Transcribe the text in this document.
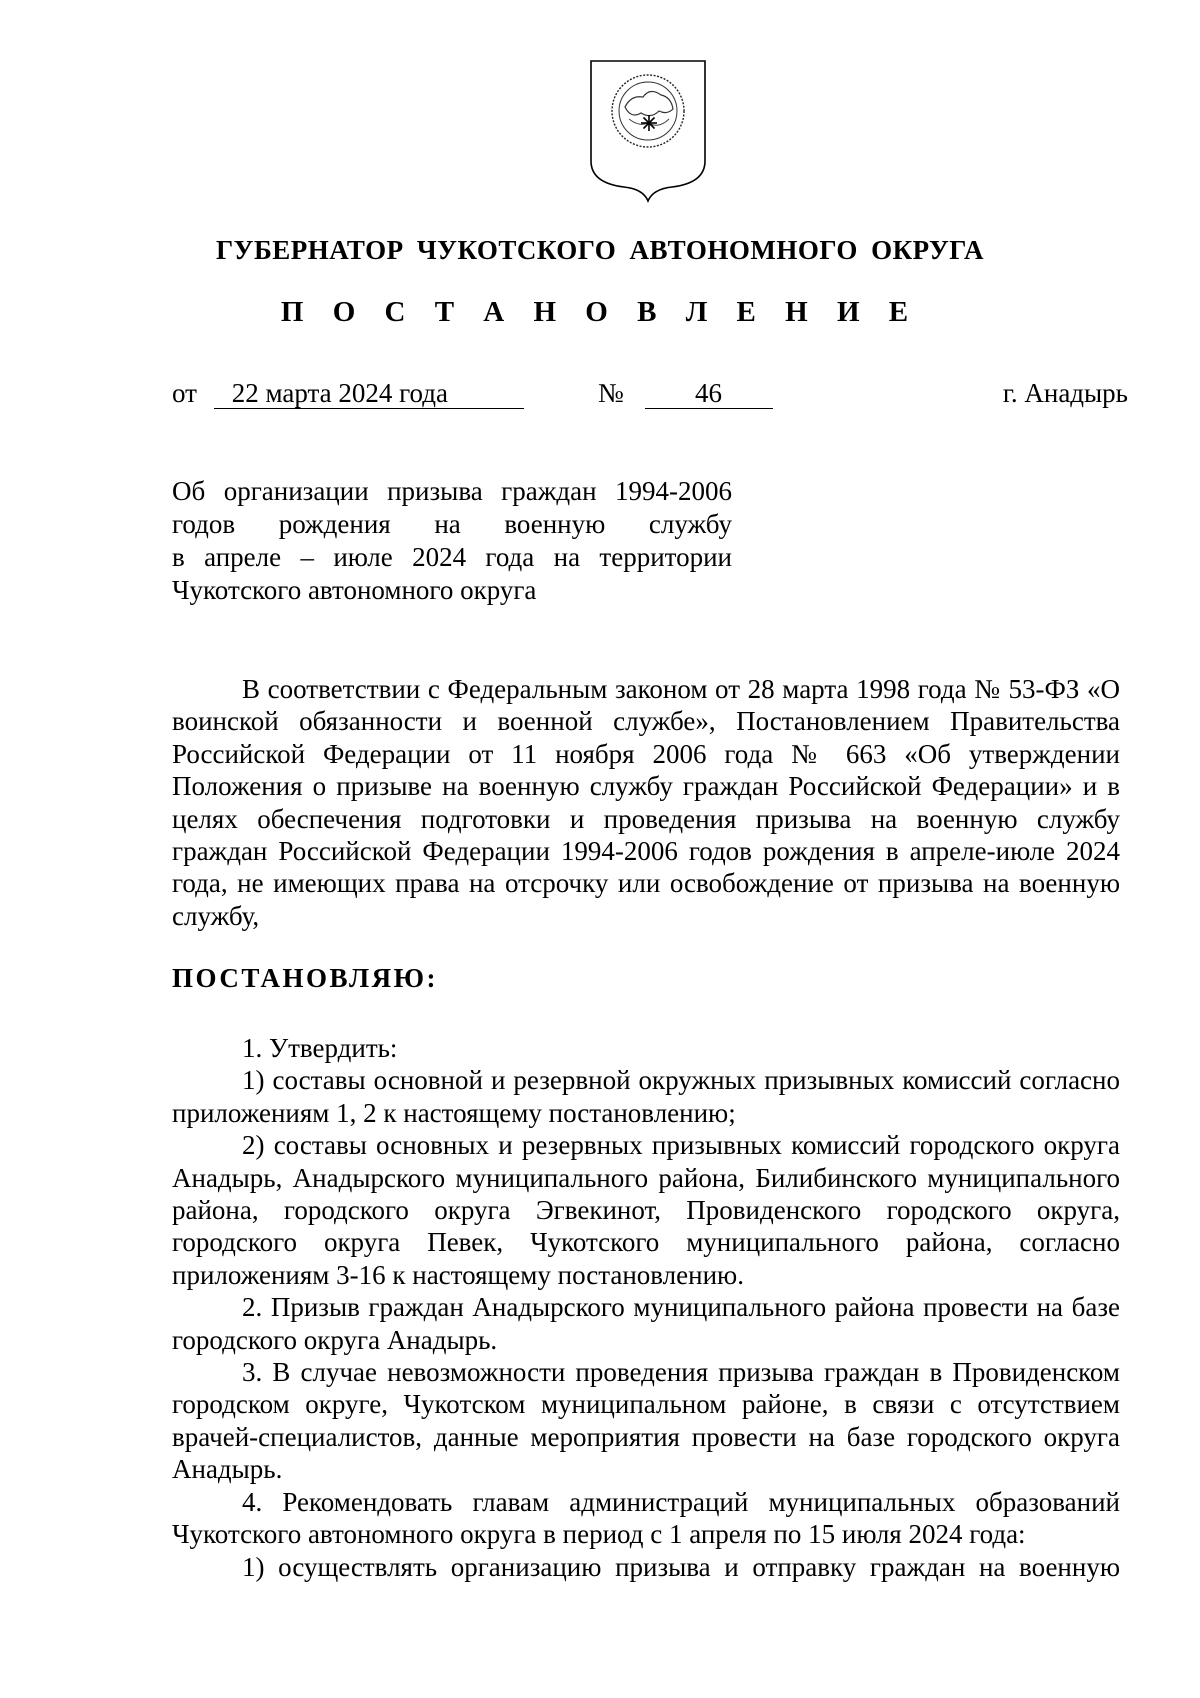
ГУБЕРНАТОР ЧУКОТСКОГО АВТОНОМНОГО ОКРУГА
П О С Т А Н О В Л Е Н И Е
от 22 марта 2024 года	№	46	г. Анадырь
Об организации призыва граждан 1994-2006
годов рождения на военную службу
в апреле – июле 2024 года на территории
Чукотского автономного округа

В соответствии с Федеральным законом от 28 марта 1998 года № 53-ФЗ «О воинской обязанности и военной службе», Постановлением Правительства Российской Федерации от 11 ноября 2006 года № 663 «Об утверждении Положения о призыве на военную службу граждан Российской Федерации» и в целях обеспечения подготовки и проведения призыва на военную службу граждан Российской Федерации 1994-2006 годов рождения в апреле-июле 2024 года, не имеющих права на отсрочку или освобождение от призыва на военную службу,

ПОСТАНОВЛЯЮ:

1. Утвердить:

1) составы основной и резервной окружных призывных комиссий согласно приложениям 1, 2 к настоящему постановлению;

2) составы основных и резервных призывных комиссий городского округа Анадырь, Анадырского муниципального района, Билибинского муниципального района, городского округа Эгвекинот, Провиденского городского округа, городского округа Певек, Чукотского муниципального района, согласно приложениям 3-16 к настоящему постановлению.

2. Призыв граждан Анадырского муниципального района провести на базе городского округа Анадырь.

3. В случае невозможности проведения призыва граждан в Провиденском городском округе, Чукотском муниципальном районе, в связи с отсутствием врачей-специалистов, данные мероприятия провести на базе городского округа Анадырь.

4. Рекомендовать главам администраций муниципальных образований Чукотского автономного округа в период с 1 апреля по 15 июля 2024 года:

1) осуществлять организацию призыва и отправку граждан на военную
